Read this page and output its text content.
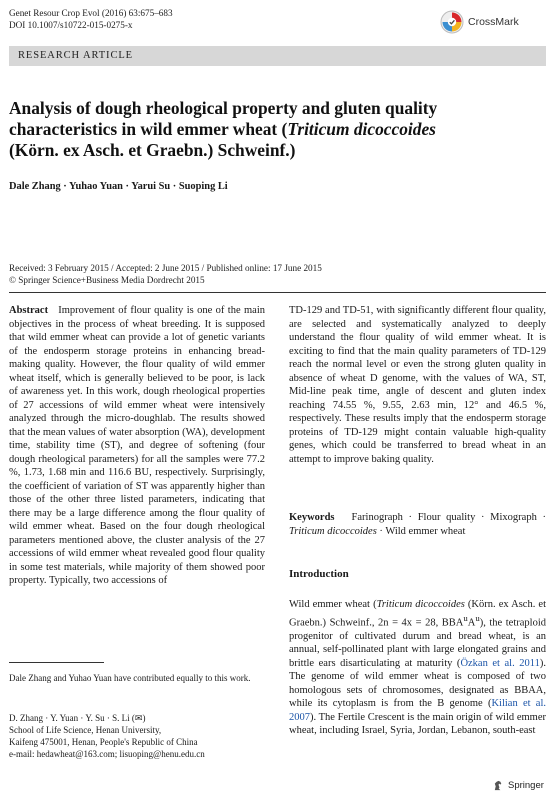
Genet Resour Crop Evol (2016) 63:675–683
DOI 10.1007/s10722-015-0275-x	CrossMark
RESEARCH ARTICLE
Analysis of dough rheological property and gluten quality
characteristics in wild emmer wheat (Triticum dicoccoides
(Körn. ex Asch. et Graebn.) Schweinf.)
Dale Zhang · Yuhao Yuan · Yarui Su · Suoping Li
Received: 3 February 2015 / Accepted: 2 June 2015 / Published online: 17 June 2015
© Springer Science+Business Media Dordrecht 2015

Abstract Improvement of flour quality is one of the main objectives in the process of wheat breeding. It is supposed that wild emmer wheat can provide a lot of genetic variants of the endosperm storage proteins in enhancing bread-making quality. However, the flour quality of wild emmer wheat itself, which is generally believed to be poor, is lack of awareness yet. In this work, dough rheological properties of 27 accessions of wild emmer wheat were intensively analyzed through the micro-doughlab. The results showed that the mean values of water absorption (WA), development time, stability time (ST), and degree of softening (four dough rheological parameters) for all the samples were 77.2 %, 1.73, 1.68 min and 116.6 BU, respectively. Surprisingly, the coefficient of variation of ST was apparently higher than those of the other three listed parameters, indicating that there may be a large difference among the flour quality of wild emmer wheat. Based on the four dough rheological parameters mentioned above, the cluster analysis of the 27 accessions of wild emmer wheat revealed good flour quality in some test materials, while majority of them showed poor property. Typically, two accessions of

TD-129 and TD-51, with significantly different flour quality, are selected and systematically analyzed to deeply understand the flour quality of wild emmer wheat. It is exciting to find that the main quality parameters of TD-129 reach the normal level or even the strong gluten quality in absence of wheat D genome, with the values of WA, ST, Mid-line peak time, angle of descent and gluten index reaching 74.55 %, 9.55, 2.63 min, 12° and 46.5 %, respectively. These results imply that the endosperm storage proteins of TD-129 might contain valuable high-quality genes, which could be transferred to bread wheat in an attempt to improve baking quality.

Keywords Farinograph · Flour quality · Mixograph · Triticum dicoccoides · Wild emmer wheat

Introduction

Wild emmer wheat (Triticum dicoccoides (Körn. ex Asch. et Graebn.) Schweinf., 2n = 4x = 28, $BBA^uA^u$), the tetraploid progenitor of cultivated durum and bread wheat, is an annual, self-pollinated plant with large elongated grains and brittle ears disarticulating at maturity (Özkan et al. 2011). The genome of wild emmer wheat is composed of two homologous sets of chromosomes, designated as BBAA, while its cytoplasm is from the B genome (Kilian et al. 2007). The Fertile Crescent is the main origin of wild emmer wheat, including Israel, Syria, Jordan, Lebanon, south-east

Dale Zhang and Yuhao Yuan have contributed equally to this work.
D. Zhang · Y. Yuan · Y. Su · S. Li (✉)
School of Life Science, Henan University,
Kaifeng 475001, Henan, People's Republic of China
e-mail: hedawheat@163.com; lisuoping@henu.edu.cn
Springer
